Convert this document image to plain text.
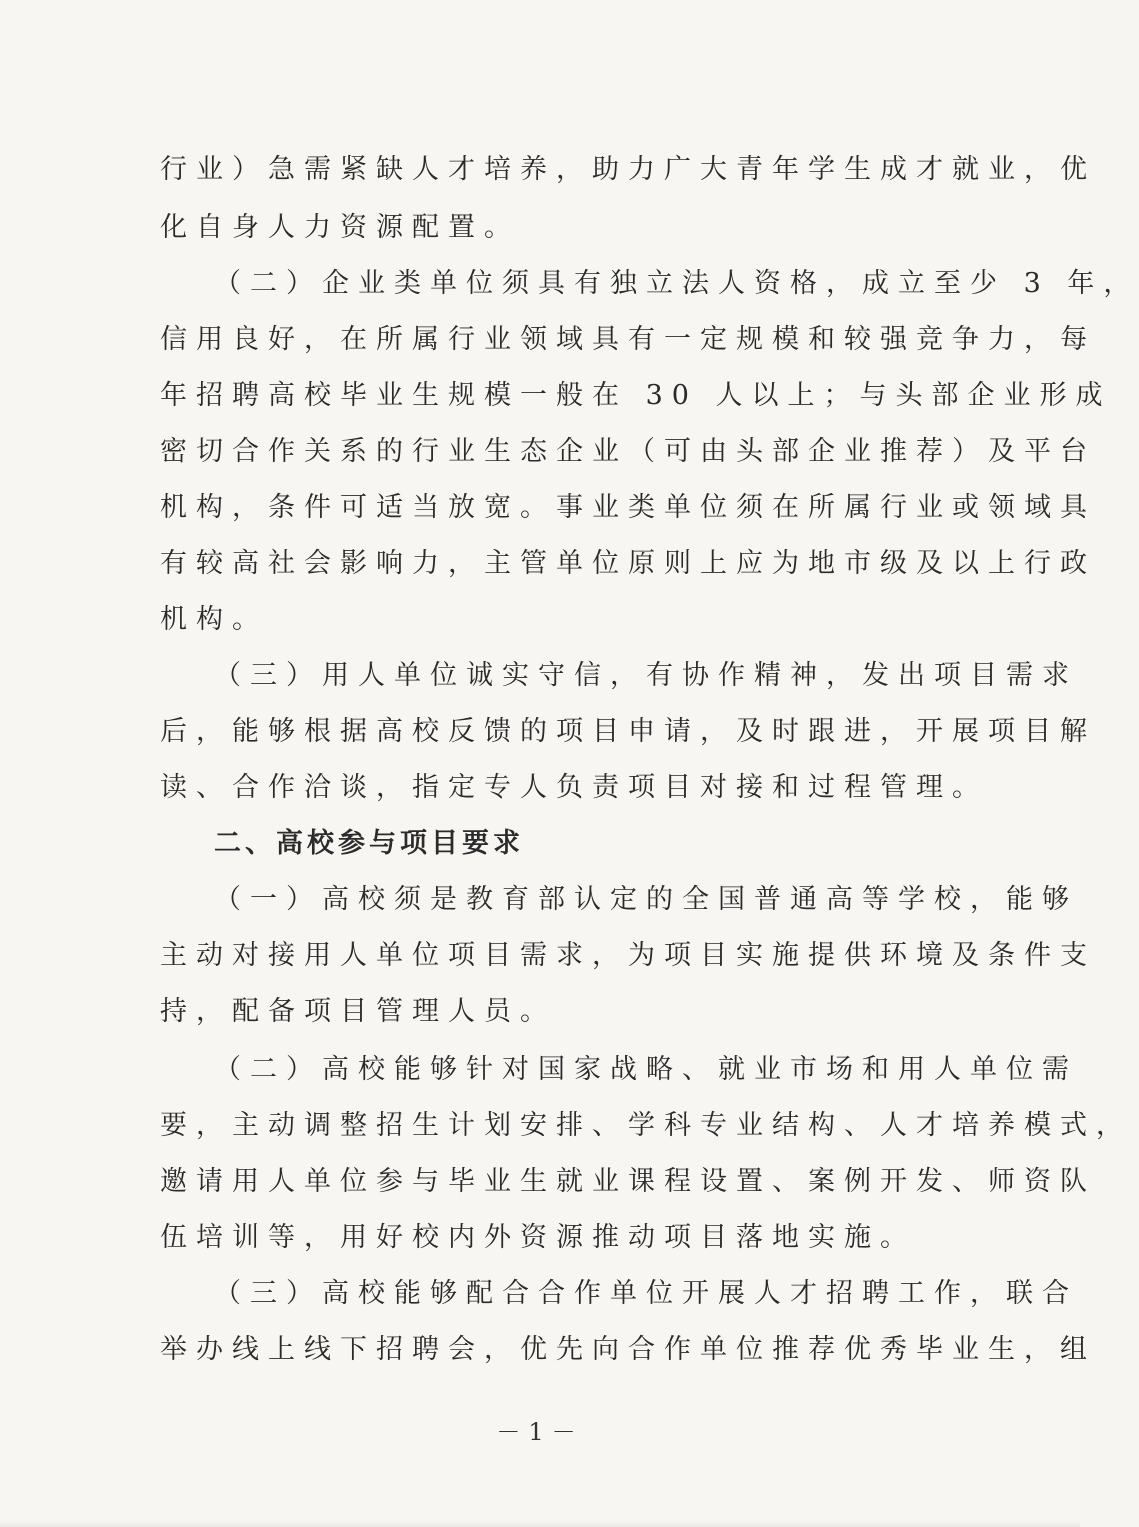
行业）急需紧缺人才培养，助力广大青年学生成才就业，优
化自身人力资源配置。
（二）企业类单位须具有独立法人资格，成立至少 3 年，
信用良好，在所属行业领域具有一定规模和较强竞争力，每
年招聘高校毕业生规模一般在 30 人以上；与头部企业形成
密切合作关系的行业生态企业（可由头部企业推荐）及平台
机构，条件可适当放宽。事业类单位须在所属行业或领域具
有较高社会影响力，主管单位原则上应为地市级及以上行政
机构。
（三）用人单位诚实守信，有协作精神，发出项目需求
后，能够根据高校反馈的项目申请，及时跟进，开展项目解
读、合作洽谈，指定专人负责项目对接和过程管理。
二、高校参与项目要求
（一）高校须是教育部认定的全国普通高等学校，能够
主动对接用人单位项目需求，为项目实施提供环境及条件支
持，配备项目管理人员。
（二）高校能够针对国家战略、就业市场和用人单位需
要，主动调整招生计划安排、学科专业结构、人才培养模式，
邀请用人单位参与毕业生就业课程设置、案例开发、师资队
伍培训等，用好校内外资源推动项目落地实施。
（三）高校能够配合合作单位开展人才招聘工作，联合
举办线上线下招聘会，优先向合作单位推荐优秀毕业生，组
－1－
